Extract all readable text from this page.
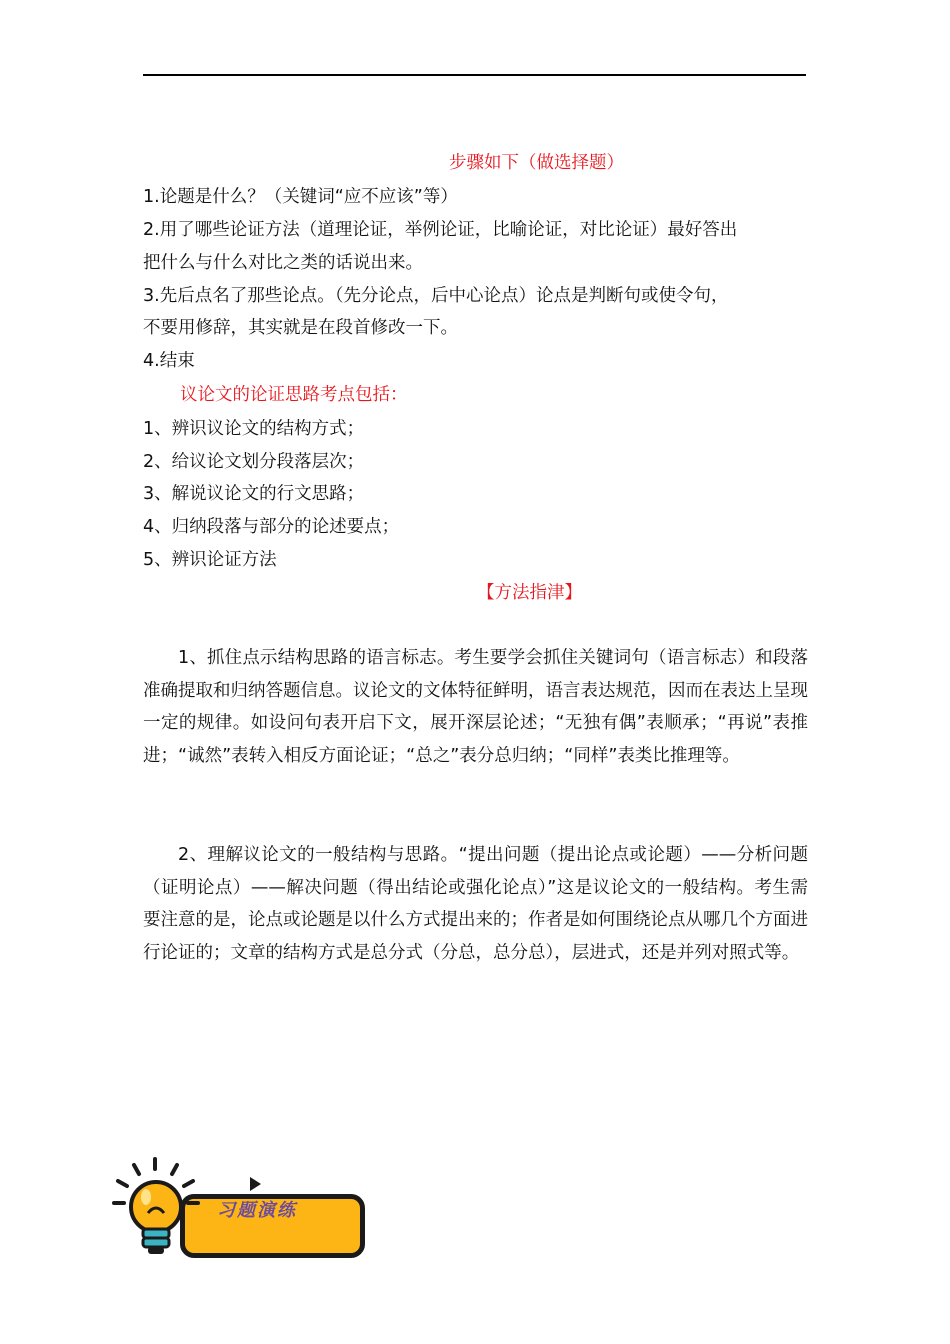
步骤如下（做选择题）
1.论题是什么？（关键词“应不应该”等）
2.用了哪些论证方法（道理论证，举例论证，比喻论证，对比论证）最好答出
把什么与什么对比之类的话说出来。
3.先后点名了那些论点。（先分论点，后中心论点）论点是判断句或使令句，
不要用修辞，其实就是在段首修改一下。
4.结束
议论文的论证思路考点包括：
1、辨识议论文的结构方式；
2、给议论文划分段落层次；
3、解说议论文的行文思路；
4、归纳段落与部分的论述要点；
5、辨识论证方法
【方法指津】

1、抓住点示结构思路的语言标志。考生要学会抓住关键词句（语言标志）和段落准确提取和归纳答题信息。议论文的文体特征鲜明，语言表达规范，因而在表达上呈现一定的规律。如设问句表开启下文，展开深层论述；“无独有偶”表顺承；“再说”表推进；“诚然”表转入相反方面论证；“总之”表分总归纳；“同样”表类比推理等。

2、理解议论文的一般结构与思路。“提出问题（提出论点或论题）——分析问题（证明论点）——解决问题（得出结论或强化论点）”这是议论文的一般结构。考生需要注意的是，论点或论题是以什么方式提出来的；作者是如何围绕论点从哪几个方面进行论证的；文章的结构方式是总分式（分总，总分总），层进式，还是并列对照式等。

习题演练
